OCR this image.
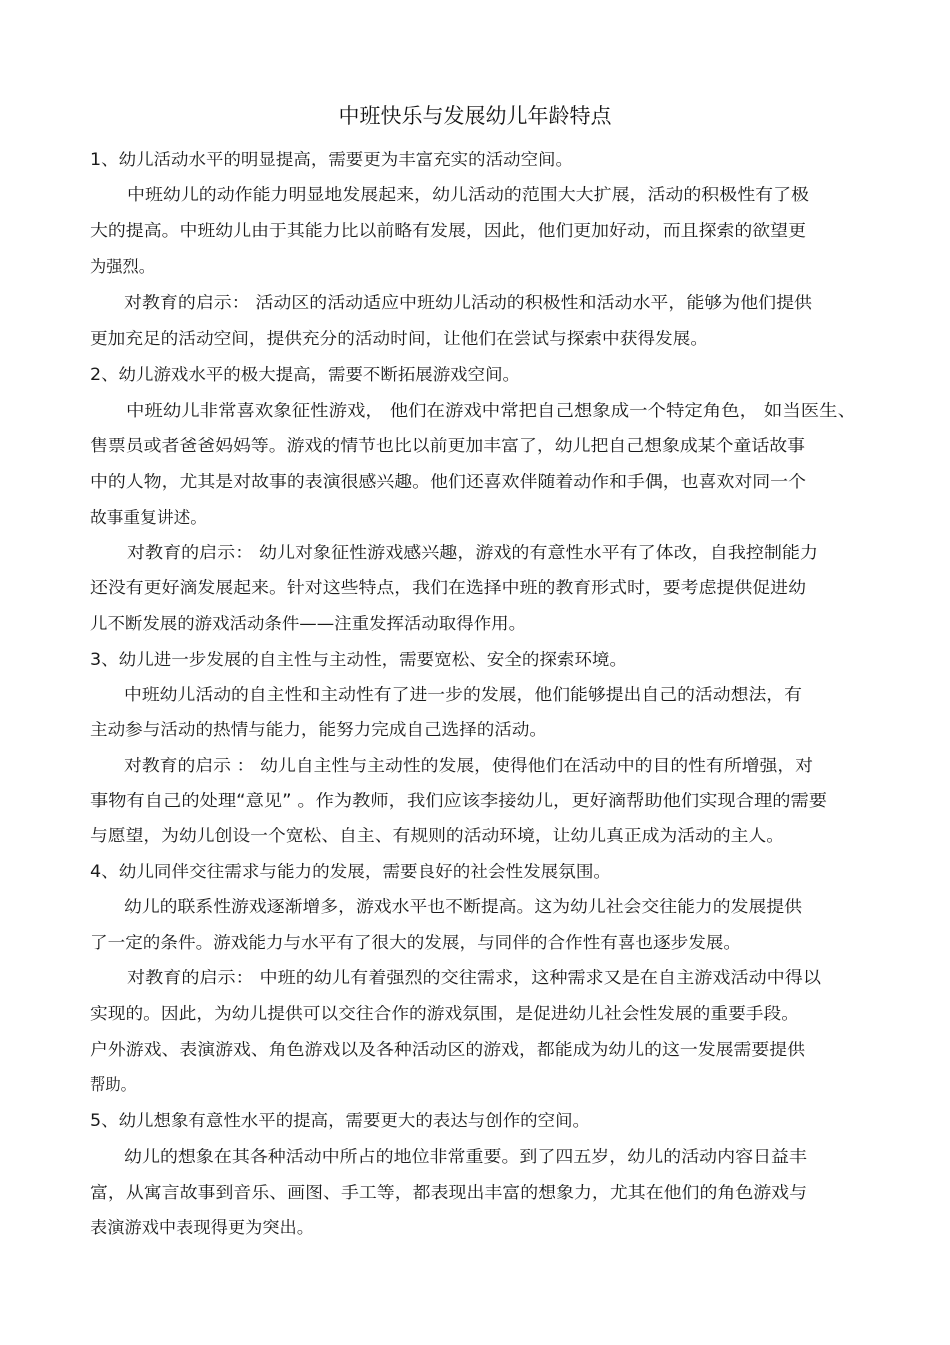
中班快乐与发展幼儿年龄特点
1、幼儿活动水平的明显提高，需要更为丰富充实的活动空间。
中班幼儿的动作能力明显地发展起来，幼儿活动的范围大大扩展，活动的积极性有了极
大的提高。中班幼儿由于其能力比以前略有发展，因此，他们更加好动，而且探索的欲望更
为强烈。
对教育的启示： 活动区的活动适应中班幼儿活动的积极性和活动水平，能够为他们提供
更加充足的活动空间，提供充分的活动时间，让他们在尝试与探索中获得发展。
2、幼儿游戏水平的极大提高，需要不断拓展游戏空间。
中班幼儿非常喜欢象征性游戏， 他们在游戏中常把自己想象成一个特定角色， 如当医生、
售票员或者爸爸妈妈等。游戏的情节也比以前更加丰富了，幼儿把自己想象成某个童话故事
中的人物，尤其是对故事的表演很感兴趣。他们还喜欢伴随着动作和手偶，也喜欢对同一个
故事重复讲述。
对教育的启示： 幼儿对象征性游戏感兴趣，游戏的有意性水平有了体改，自我控制能力
还没有更好滴发展起来。针对这些特点，我们在选择中班的教育形式时，要考虑提供促进幼
儿不断发展的游戏活动条件——注重发挥活动取得作用。
3、幼儿进一步发展的自主性与主动性，需要宽松、安全的探索环境。
中班幼儿活动的自主性和主动性有了进一步的发展，他们能够提出自己的活动想法，有
主动参与活动的热情与能力，能努力完成自己选择的活动。
对教育的启示 ： 幼儿自主性与主动性的发展，使得他们在活动中的目的性有所增强，对
事物有自己的处理“意见” 。作为教师，我们应该李接幼儿，更好滴帮助他们实现合理的需要
与愿望，为幼儿创设一个宽松、自主、有规则的活动环境，让幼儿真正成为活动的主人。
4、幼儿同伴交往需求与能力的发展，需要良好的社会性发展氛围。
幼儿的联系性游戏逐渐增多，游戏水平也不断提高。这为幼儿社会交往能力的发展提供
了一定的条件。游戏能力与水平有了很大的发展，与同伴的合作性有喜也逐步发展。
对教育的启示： 中班的幼儿有着强烈的交往需求，这种需求又是在自主游戏活动中得以
实现的。因此，为幼儿提供可以交往合作的游戏氛围，是促进幼儿社会性发展的重要手段。
户外游戏、表演游戏、角色游戏以及各种活动区的游戏，都能成为幼儿的这一发展需要提供
帮助。
5、幼儿想象有意性水平的提高，需要更大的表达与创作的空间。
幼儿的想象在其各种活动中所占的地位非常重要。到了四五岁，幼儿的活动内容日益丰
富，从寓言故事到音乐、画图、手工等，都表现出丰富的想象力，尤其在他们的角色游戏与
表演游戏中表现得更为突出。
